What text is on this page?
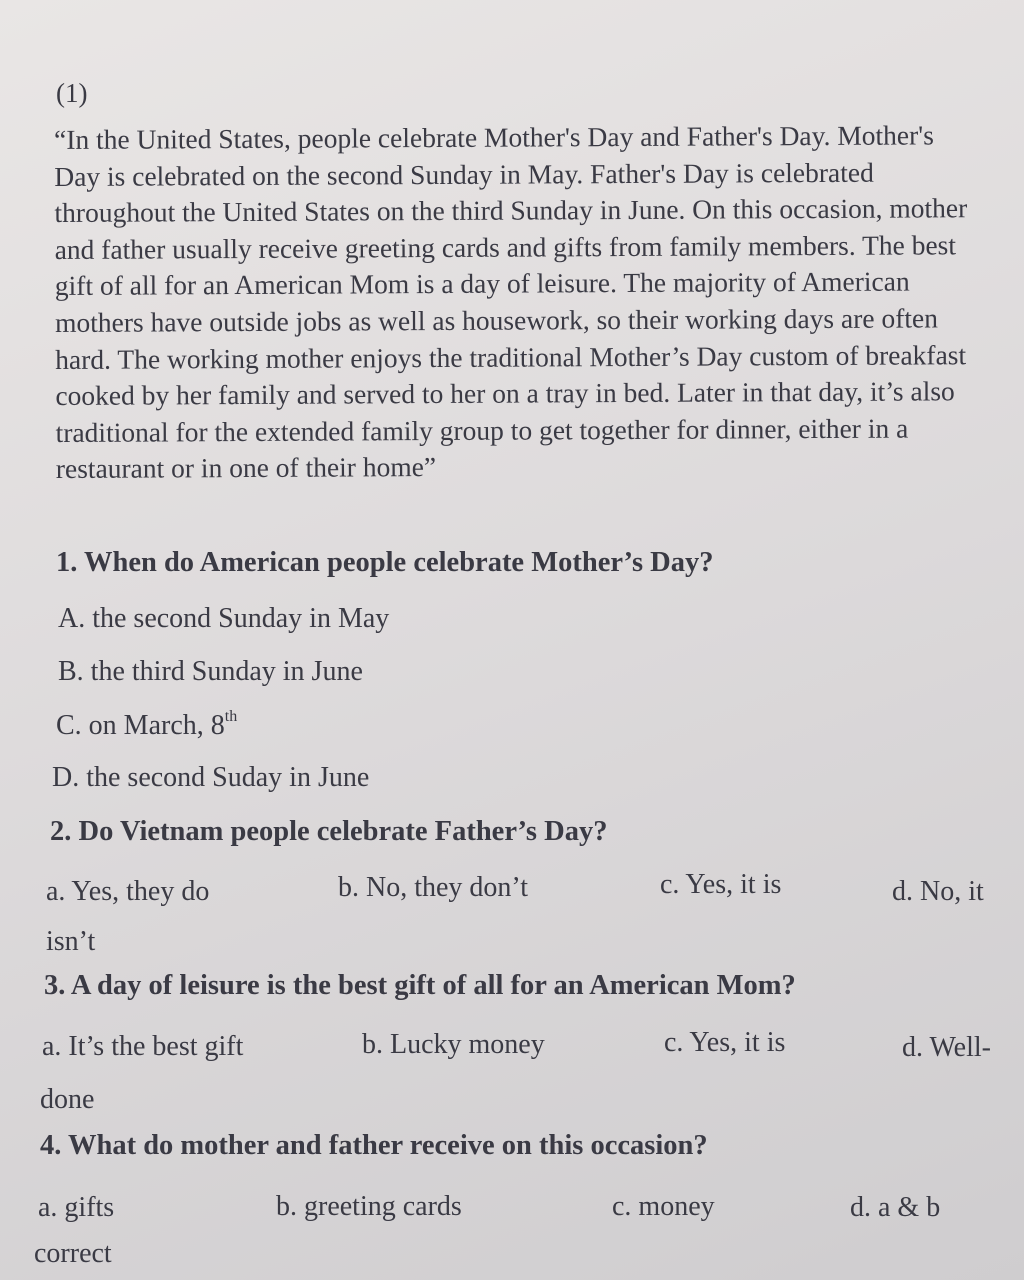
(1)

“In the United States, people celebrate Mother's Day and Father's Day. Mother's Day is celebrated on the second Sunday in May. Father's Day is celebrated throughout the United States on the third Sunday in June. On this occasion, mother and father usually receive greeting cards and gifts from family members. The best gift of all for an American Mom is a day of leisure. The majority of American mothers have outside jobs as well as housework, so their working days are often hard. The working mother enjoys the traditional Mother’s Day custom of breakfast cooked by her family and served to her on a tray in bed. Later in that day, it’s also traditional for the extended family group to get together for dinner, either in a restaurant or in one of their home”

1. When do American people celebrate Mother’s Day?

A. the second Sunday in May
B. the third Sunday in June
C. on March, 8th
D. the second Suday in June

2. Do Vietnam people celebrate Father’s Day?

a. Yes, they do	b. No, they don’t	c. Yes, it is	d. No, it isn’t

3. A day of leisure is the best gift of all for an American Mom?

a. It’s the best gift	b. Lucky money	c. Yes, it is	d. Well-done

4. What do mother and father receive on this occasion?

a. gifts	b. greeting cards	c. money	d. a & b correct
